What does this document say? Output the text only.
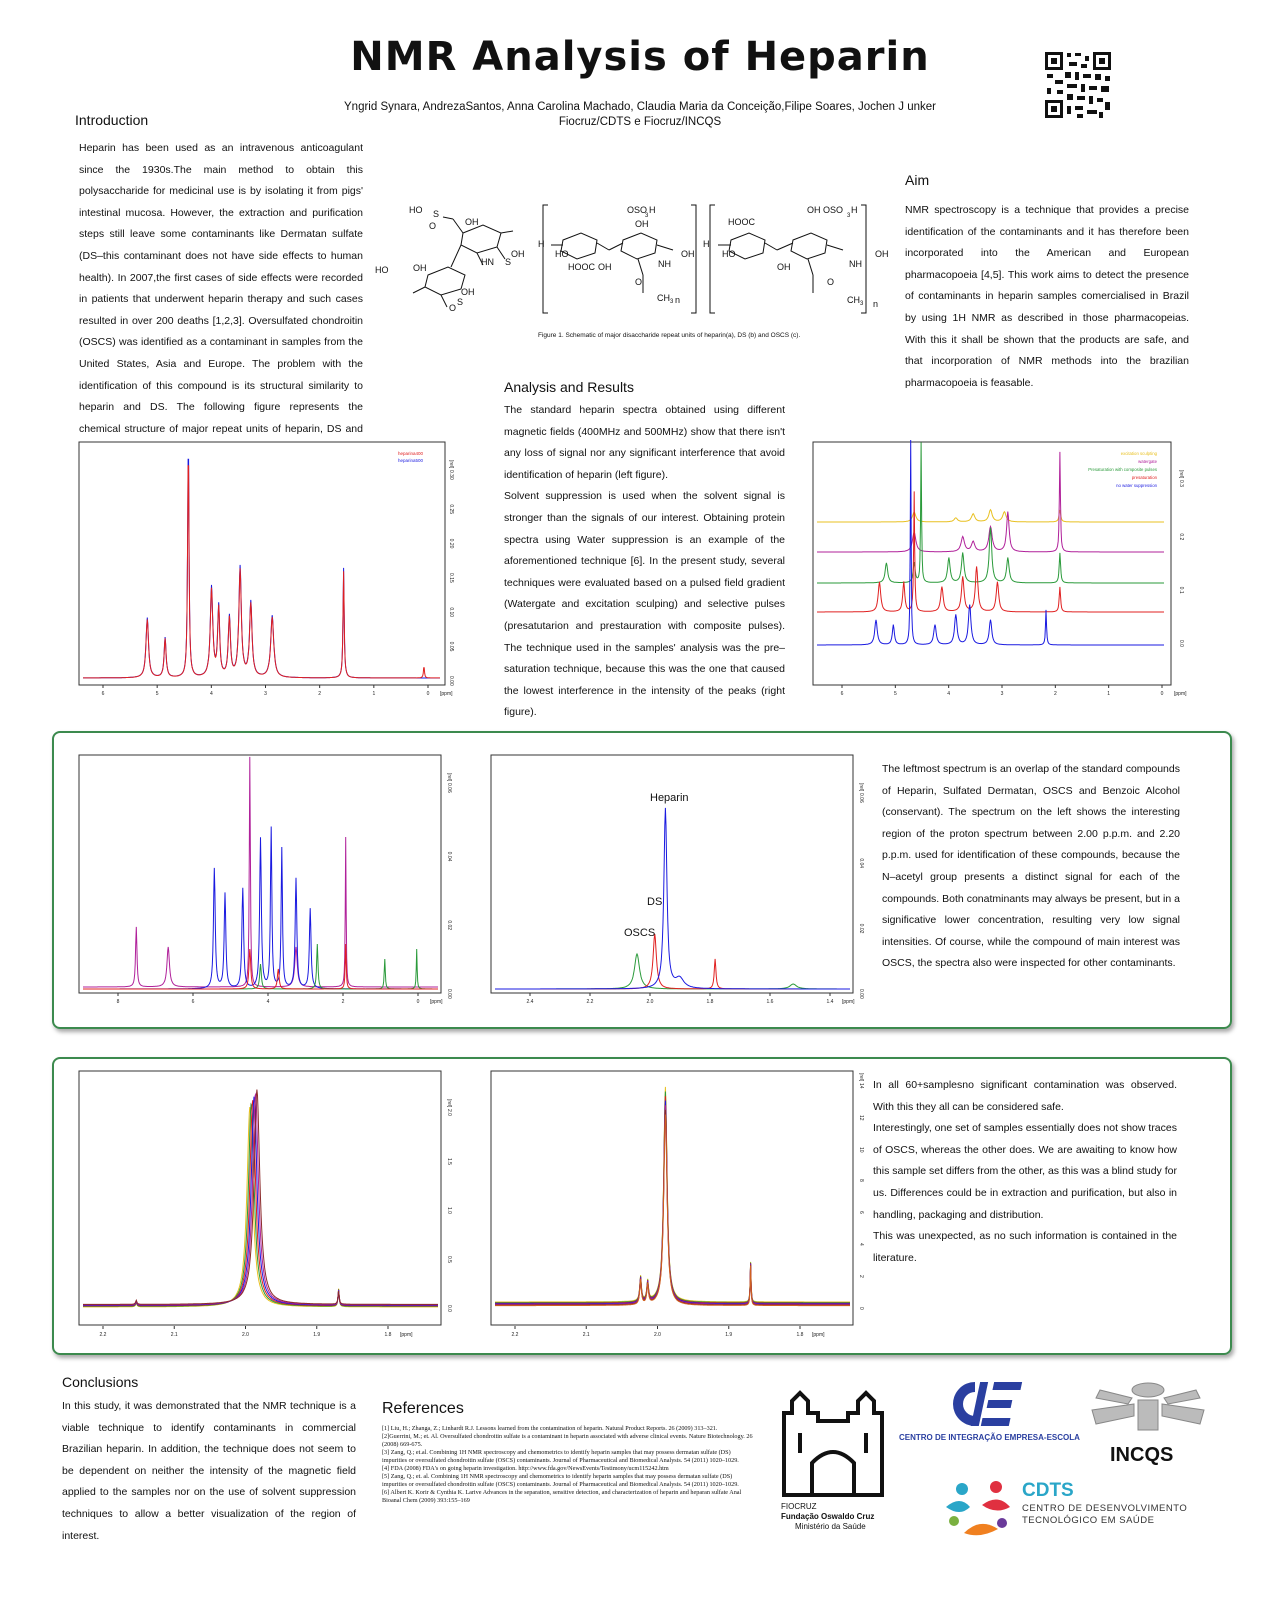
NMR Analysis of Heparin
Yngrid Synara, AndrezaSantos, Anna Carolina Machado, Claudia Maria da Conceição,Filipe Soares, Jochen J unker
Fiocruz/CDTS e Fiocruz/INCQS
Introduction
Heparin has been used as an intravenous anticoagulant since the 1930s.The main method to obtain this polysaccharide for medicinal use is by isolating it from pigs' intestinal mucosa. However, the extraction and purification steps still leave some contaminants like Dermatan sulfate (DS–this contaminant does not have side effects to human health). In 2007,the first cases of side effects were recorded in patients that underwent heparin therapy and such cases resulted in over 200 deaths [1,2,3]. Oversulfated chondroitin (OSCS) was identified as a contaminant in samples from the United States, Asia and Europe. The problem with the identification of this compound is its structural similarity to heparin and DS. The following figure represents the chemical structure of major repeat units of heparin, DS and
HO
O
S
OH
HN S
OH
HO	OH
O
S
OH
H
HO
HOOC OH
OSO
3
H
OH
NH
O
CH 3 n
OH
H
HOOC
HO
OH
OH OSO
3
H
NH
O
CH 3 n
OH
Figure 1. Schematic of major disaccharide repeat units of heparin(a), DS (b) and OSCS (c).
Aim
NMR spectroscopy is a technique that provides a precise identification of the contaminants and it has therefore been incorporated into the American and European pharmacopoeia [4,5]. This work aims to detect the presence of contaminants in heparin samples comercialised in Brazil by using 1H NMR as described in those pharmacopeias. With this it shall be shown that the products are safe, and that incorporation of NMR methods into the brazilian pharmacopoeia is feasable.
Analysis and Results
The standard heparin spectra obtained using different magnetic fields (400MHz and 500MHz) show that there isn't any loss of signal nor any significant interference that avoid identification of heparin (left figure).
Solvent suppression is used when the solvent signal is stronger than the signals of our interest. Obtaining protein spectra using Water suppression is an example of the aforementioned technique [6]. In the present study, several techniques were evaluated based on a pulsed field gradient (Watergate and excitation sculping) and selective pulses (presatutarion and prestauration with composite pulses). The technique used in the samples' analysis was the pre–saturation technique, because this was the one that caused the lowest interference in the intensity of the peaks (right figure).
heparina400
heparina500
6	5	4	3	2	1	0 [ppm]
0.00
0.05
0.10
0.15
0.20
0.25
0.30
[rel]
excitation sculpting
watergate
Presaturation with composite pulses
presaturation
no water suppression
6	5	4	3	2	1	0 [ppm]
0.0
0.1
0.2
0.3
[rel]
8	6	4	2	0 [ppm]
0.00
0.02
0.04
0.06
[rel]
2.4	2.2	2.0	1.8	1.6	1.4 [ppm]
0.00
0.02
0.04
0.06
[rel]
Heparin
DS
OSCS
The leftmost spectrum is an overlap of the standard compounds of Heparin, Sulfated Dermatan, OSCS and Benzoic Alcohol (conservant). The spectrum on the left shows the interesting region of the proton spectrum between 2.00 p.p.m. and 2.20 p.p.m. used for identification of these compounds, because the N–acetyl group presents a distinct signal for each of the compounds. Both conatminants may always be present, but in a significative lower concentration, resulting very low signal intensities. Of course, while the compound of main interest was OSCS, the spectra also were inspected for other contaminants.
2.2	2.1	2.0	1.9	1.8 [ppm]
0.0
0.5
1.0
1.5
2.0
[rel]
2.2	2.1	2.0	1.9	1.8 [ppm]
0
2
4
6
8
10
12
14
[rel]
In all 60+samplesno significant contamination was observed. With this they all can be considered safe.
Interestingly, one set of samples essentially does not show traces of OSCS, whereas the other does. We are awaiting to know how this sample set differs from the other, as this was a blind study for us. Differences could be in extraction and purification, but also in handling, packaging and distribution.
This was unexpected, as no such information is contained in the literature.
Conclusions
In this study, it was demonstrated that the NMR technique is a viable technique to identify contaminants in commercial Brazilian heparin. In addition, the technique does not seem to be dependent on neither the intensity of the magnetic field applied to the samples nor on the use of solvent suppression techniques to allow a better visualization of the region of interest.
References
[1] Liu, H.; Zhanga, Z.; Linhardt R.J. Lessons learned from the contamination of heparin. Natural Product Reports. 26 (2009) 313–321.
[2]Guerrini, M.; et. Al. Oversulfated chondroitin sulfate is a contaminant in heparin associated with adverse clinical events. Nature Biotechnology. 26 (2008) 669-675.
[3] Zang, Q.; et.al. Combining 1H NMR spectroscopy and chemometrics to identify heparin samples that may possess dermatan sulfate (DS) impurities or oversulfated chondroitin sulfate (OSCS) contaminants. Journal of Pharmaceutical and Biomedical Analysis. 54 (2011) 1020–1029.
[4] FDA (2008) FDA's on going heparin investigation. http://www.fda.gov/NewsEvents/Testimony/ucm115242.htm
[5] Zang, Q.; et. al. Combining 1H NMR spectroscopy and chemometrics to identify heparin samples that may possess dermatan sulfate (DS) impurities or oversulfated chondroitin sulfate (OSCS) contaminants. Journal of Pharmaceutical and Biomedical Analysis. 54 (2011) 1020–1029.
[6] Albert K. Korir & Cynthia K. Larive Advances in the separation, sensitive detection, and characterization of heparin and heparan sulfate Anal Bioanal Chem (2009) 393:155–169
FIOCRUZ
Fundação Oswaldo Cruz
Ministério da Saúde
CENTRO DE INTEGRAÇÃO EMPRESA-ESCOLA
INCQS
CDTS
CENTRO DE DESENVOLVIMENTO
TECNOLÓGICO EM SAÚDE
